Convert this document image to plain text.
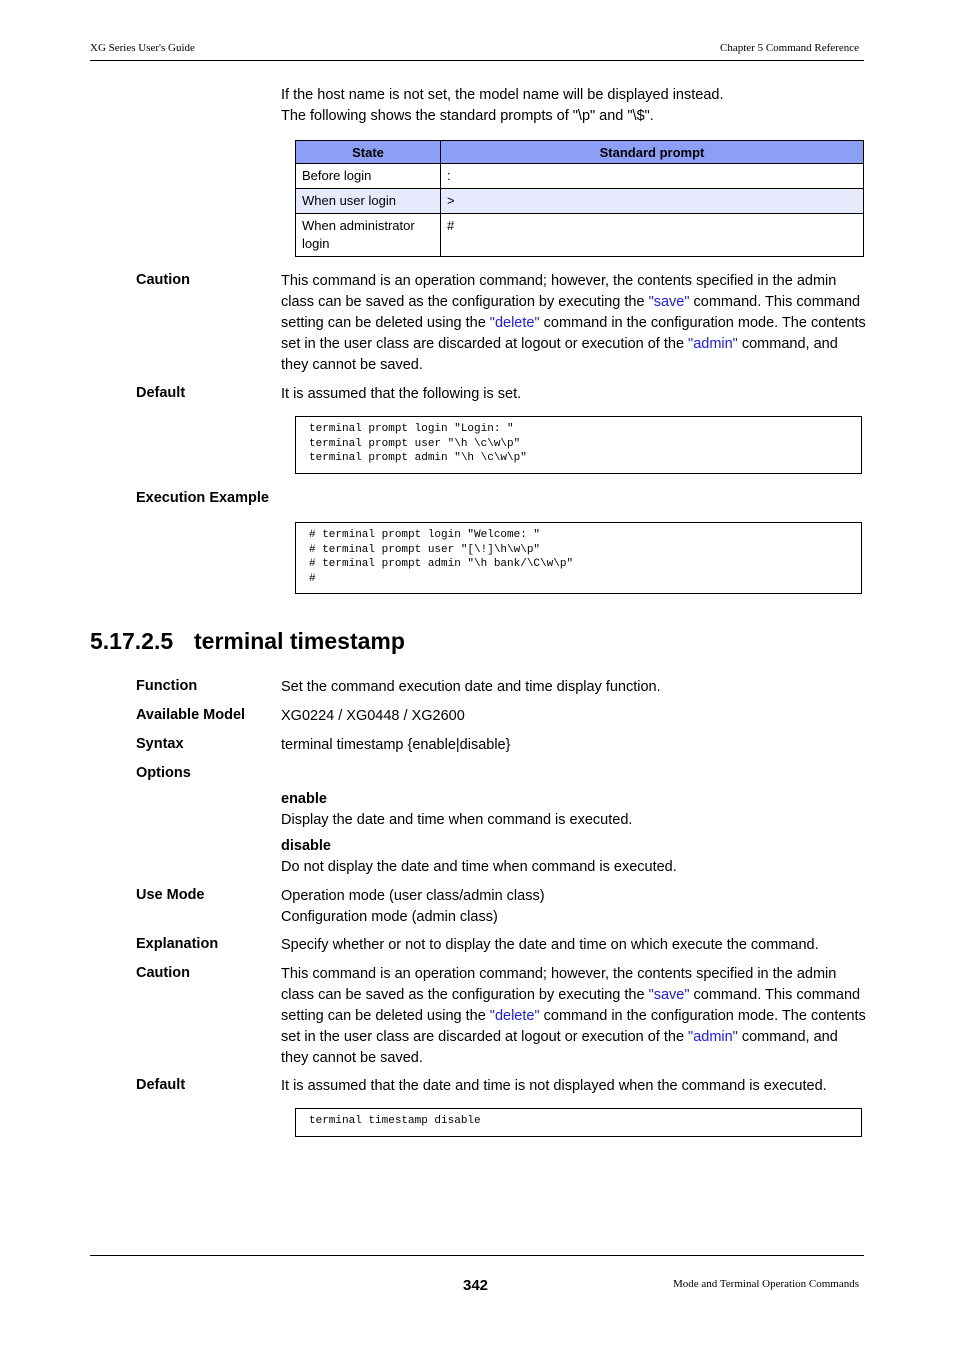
XG Series User's Guide	Chapter 5 Command Reference
If the host name is not set, the model name will be displayed instead.
The following shows the standard prompts of "\p" and "\$".
State	Standard prompt
Before login	:
When user login	>
When administrator login	#
Caution	This command is an operation command; however, the contents specified in the admin class can be saved as the configuration by executing the "save" command. This command setting can be deleted using the "delete" command in the configuration mode. The contents set in the user class are discarded at logout or execution of the "admin" command, and they cannot be saved.
Default	It is assumed that the following is set.
terminal prompt login "Login: "
terminal prompt user "\h \c\w\p"
terminal prompt admin "\h \c\w\p"
Execution Example
# terminal prompt login "Welcome: "
# terminal prompt user "[\!]\h\w\p"
# terminal prompt admin "\h bank/\C\w\p"
#
5.17.2.5 terminal timestamp
Function	Set the command execution date and time display function.
Available Model XG0224 / XG0448 / XG2600
Syntax	terminal timestamp {enable|disable}
Options
enable
Display the date and time when command is executed.
disable
Do not display the date and time when command is executed.
Use Mode	Operation mode (user class/admin class)
Configuration mode (admin class)
Explanation	Specify whether or not to display the date and time on which execute the command.
Caution	This command is an operation command; however, the contents specified in the admin class can be saved as the configuration by executing the "save" command. This command setting can be deleted using the "delete" command in the configuration mode. The contents set in the user class are discarded at logout or execution of the "admin" command, and they cannot be saved.
Default	It is assumed that the date and time is not displayed when the command is executed.
terminal timestamp disable
342	Mode and Terminal Operation Commands
